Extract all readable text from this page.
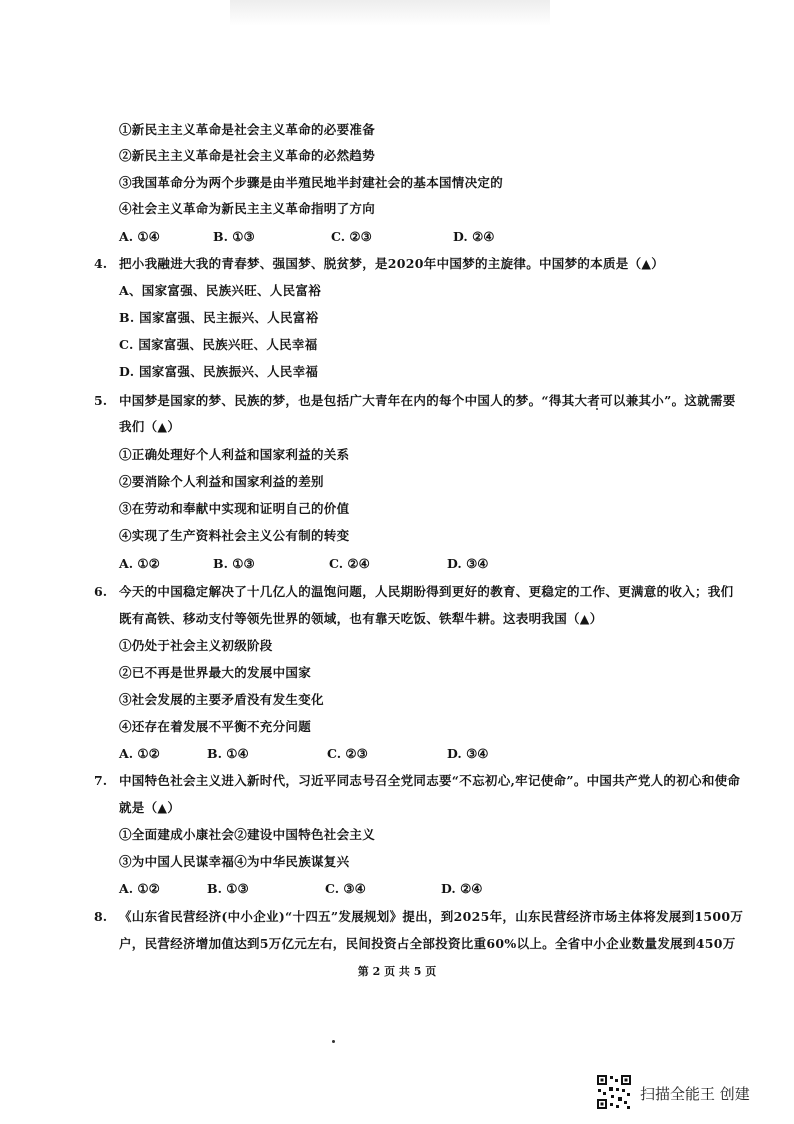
①新民主主义革命是社会主义革命的必要准备
②新民主主义革命是社会主义革命的必然趋势
③我国革命分为两个步骤是由半殖民地半封建社会的基本国情决定的
④社会主义革命为新民主主义革命指明了方向
A. ①④	B. ①③	C. ②③	D. ②④
4. 把小我融进大我的青春梦、强国梦、脱贫梦，是2020年中国梦的主旋律。中国梦的本质是（▲）
A、国家富强、民族兴旺、人民富裕
B. 国家富强、民主振兴、人民富裕
C. 国家富强、民族兴旺、人民幸福
D. 国家富强、民族振兴、人民幸福
5. 中国梦是国家的梦、民族的梦，也是包括广大青年在内的每个中国人的梦。“得其大者可以兼其小”。这就需要
我们（▲）
①正确处理好个人利益和国家利益的关系
②要消除个人利益和国家利益的差别
③在劳动和奉献中实现和证明自己的价值
④实现了生产资料社会主义公有制的转变
A. ①②	B. ①③	C. ②④	D. ③④
6. 今天的中国稳定解决了十几亿人的温饱问题，人民期盼得到更好的教育、更稳定的工作、更满意的收入；我们
既有高铁、移动支付等领先世界的领域，也有靠天吃饭、铁犁牛耕。这表明我国（▲）
①仍处于社会主义初级阶段
②已不再是世界最大的发展中国家
③社会发展的主要矛盾没有发生变化
④还存在着发展不平衡不充分问题
A. ①②	B. ①④	C. ②③	D. ③④
7. 中国特色社会主义进入新时代，习近平同志号召全党同志要“不忘初心,牢记使命”。中国共产党人的初心和使命
就是（▲）
①全面建成小康社会②建设中国特色社会主义
③为中国人民谋幸福④为中华民族谋复兴
A. ①②	B. ①③	C. ③④	D. ②④
8. 《山东省民营经济(中小企业)“十四五”发展规划》提出，到2025年，山东民营经济市场主体将发展到1500万
户，民营经济增加值达到5万亿元左右，民间投资占全部投资比重60%以上。全省中小企业数量发展到450万
第 2 页 共 5 页
扫描全能王 创建
